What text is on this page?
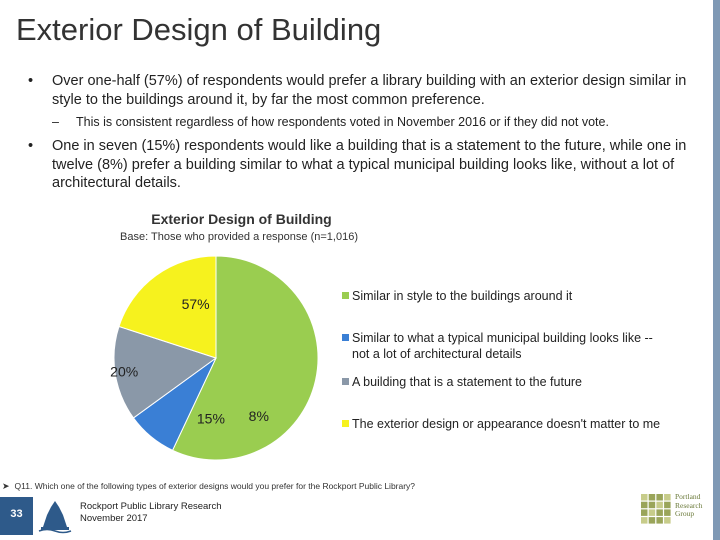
Exterior Design of Building
• Over one-half (57%) of respondents would prefer a library building with an exterior design similar in style to the buildings around it, by far the most common preference.
– This is consistent regardless of how respondents voted in November 2016 or if they did not vote.
• One in seven (15%) respondents would like a building that is a statement to the future, while one in twelve (8%) prefer a building similar to what a typical municipal building looks like, without a lot of architectural details.
Exterior Design of Building
Base: Those who provided a response (n=1,016)
57%
8%
15%
20%
Similar in style to the buildings around it
Similar to what a typical municipal building looks like -- not a lot of architectural details
A building that is a statement to the future
The exterior design or appearance doesn't matter to me
➤ Q11. Which one of the following types of exterior designs would you prefer for the Rockport Public Library?
33
Rockport Public Library Research
November 2017
Portland
Research
Group
